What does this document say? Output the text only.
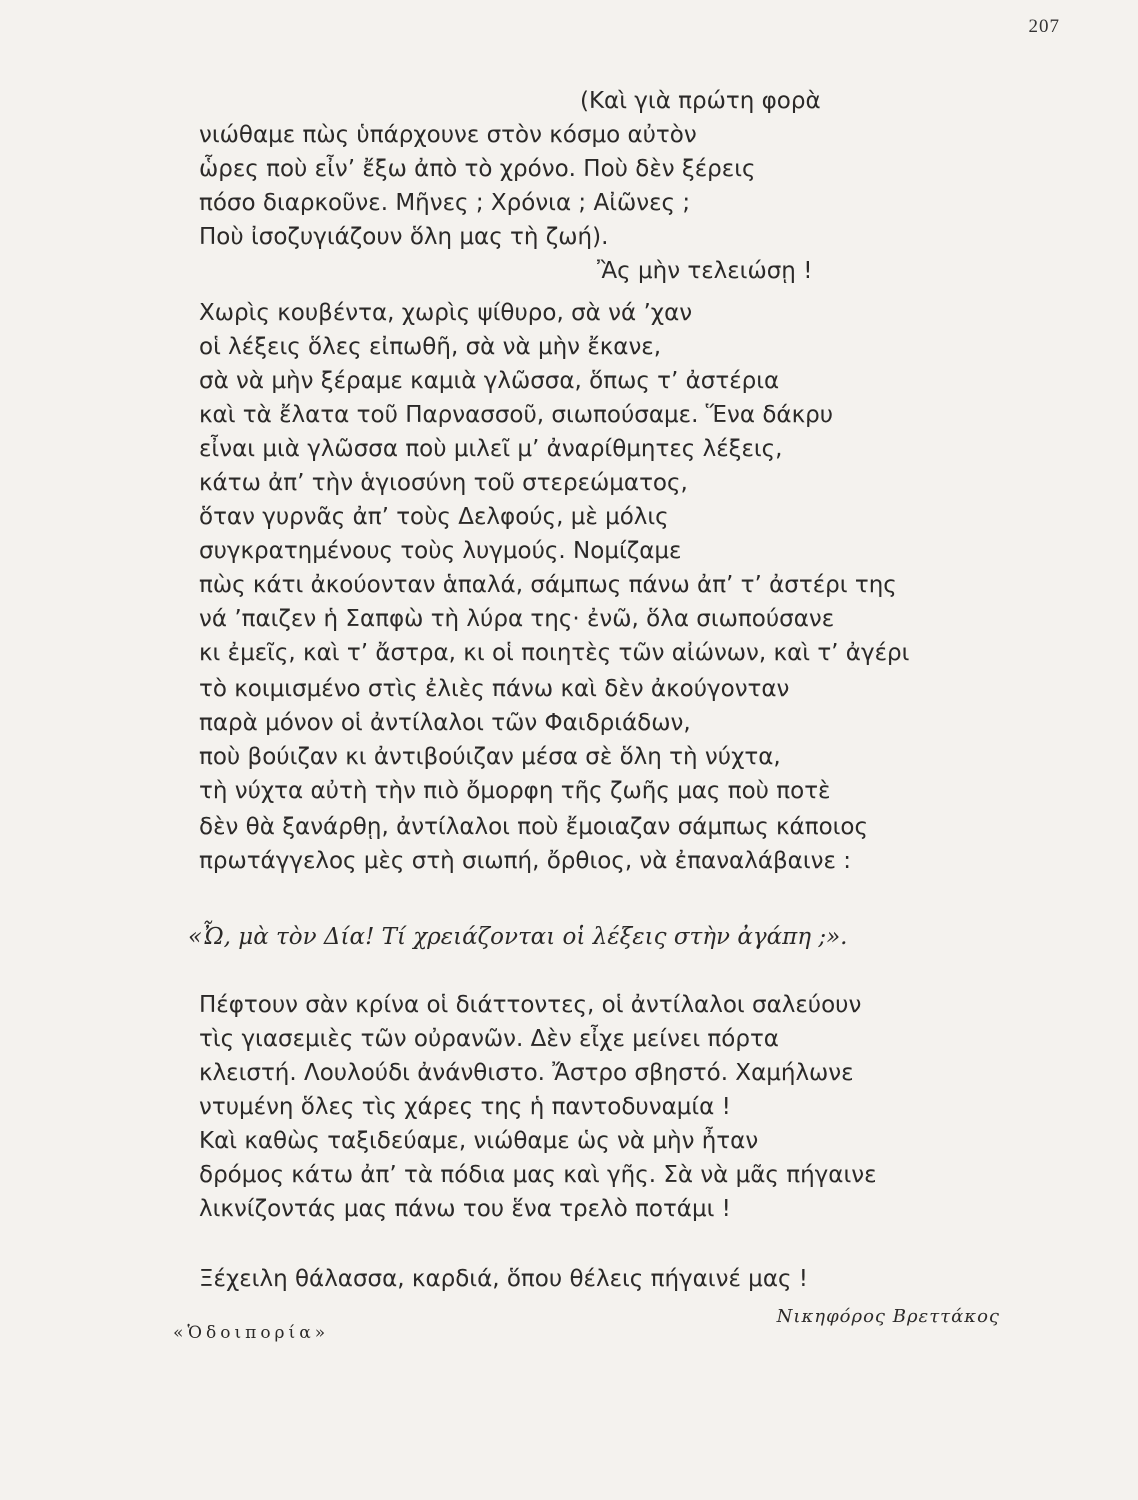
207
(Καὶ γιὰ πρώτη φορὰ
νιώθαμε πὼς ὑπάρχουνε στὸν κόσμο αὐτὸν
ὧρες ποὺ εἶν’ ἔξω ἀπὸ τὸ χρόνο. Ποὺ δὲν ξέρεις
πόσο διαρκοῦνε. Μῆνες ; Χρόνια ; Αἰῶνες ;
Ποὺ ἰσοζυγιάζουν ὅλη μας τὴ ζωή).
Ἂς μὴν τελειώσῃ !
Χωρὶς κουβέντα, χωρὶς ψίθυρο, σὰ νά ’χαν
οἱ λέξεις ὅλες εἰπωθῆ, σὰ νὰ μὴν ἔκανε,
σὰ νὰ μὴν ξέραμε καμιὰ γλῶσσα, ὅπως τ’ ἀστέρια
καὶ τὰ ἔλατα τοῦ Παρνασσοῦ, σιωπούσαμε. Ἕνα δάκρυ
εἶναι μιὰ γλῶσσα ποὺ μιλεῖ μ’ ἀναρίθμητες λέξεις,
κάτω ἀπ’ τὴν ἁγιοσύνη τοῦ στερεώματος,
ὅταν γυρνᾶς ἀπ’ τοὺς Δελφούς, μὲ μόλις
συγκρατημένους τοὺς λυγμούς. Νομίζαμε
πὼς κάτι ἀκούονταν ἁπαλά, σάμπως πάνω ἀπ’ τ’ ἀστέρι της
νά ’παιζεν ἡ Σαπφὼ τὴ λύρα της· ἐνῶ, ὅλα σιωπούσανε
κι ἐμεῖς, καὶ τ’ ἄστρα, κι οἱ ποιητὲς τῶν αἰώνων, καὶ τ’ ἀγέρι
τὸ κοιμισμένο στὶς ἐλιὲς πάνω καὶ δὲν ἀκούγονταν
παρὰ μόνον οἱ ἀντίλαλοι τῶν Φαιδριάδων,
ποὺ βούιζαν κι ἀντιβούιζαν μέσα σὲ ὅλη τὴ νύχτα,
τὴ νύχτα αὐτὴ τὴν πιὸ ὄμορφη τῆς ζωῆς μας ποὺ ποτὲ
δὲν θὰ ξανάρθῃ, ἀντίλαλοι ποὺ ἔμοιαζαν σάμπως κάποιος
πρωτάγγελος μὲς στὴ σιωπή, ὄρθιος, νὰ ἐπαναλάβαινε :
«Ὦ, μὰ τὸν Δία! Τί χρειάζονται οἱ λέξεις στὴν ἀγάπη ;».
Πέφτουν σὰν κρίνα οἱ διάττοντες, οἱ ἀντίλαλοι σαλεύουν
τὶς γιασεμιὲς τῶν οὐρανῶν. Δὲν εἶχε μείνει πόρτα
κλειστή. Λουλούδι ἀνάνθιστο. Ἄστρο σβηστό. Χαμήλωνε
ντυμένη ὅλες τὶς χάρες της ἡ παντοδυναμία !
Καὶ καθὼς ταξιδεύαμε, νιώθαμε ὡς νὰ μὴν ἦταν
δρόμος κάτω ἀπ’ τὰ πόδια μας καὶ γῆς. Σὰ νὰ μᾶς πήγαινε
λικνίζοντάς μας πάνω του ἕνα τρελὸ ποτάμι !
Ξέχειλη θάλασσα, καρδιά, ὅπου θέλεις πήγαινέ μας !
«Ὁδοιπορία»
Νικηφόρος Βρεττάκος
